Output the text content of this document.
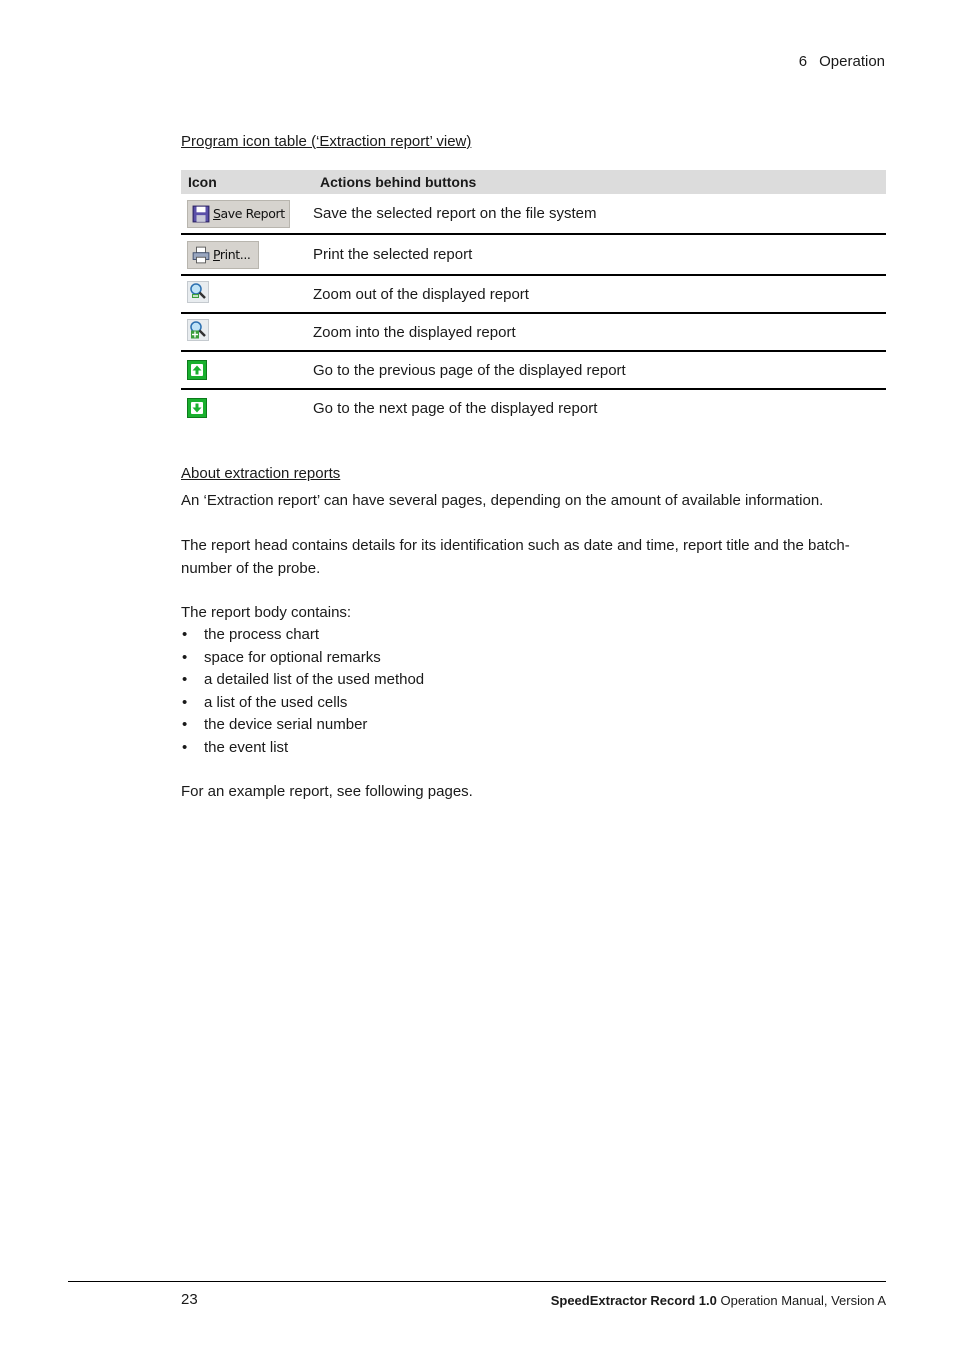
6 Operation
Program icon table (‘Extraction report’ view)
Icon	Actions behind buttons

Save Report	Save the selected report on the file system

Print...	Print the selected report
	Zoom out of the displayed report
	Zoom into the displayed report

	Go to the previous page of the displayed report

	Go to the next page of the displayed report
About extraction reports
An ‘Extraction report’ can have several pages, depending on the amount of available information.
The report head contains details for its identification such as date and time, report title and the batch-number of the probe.
The report body contains:
• the process chart
• space for optional remarks
• a detailed list of the used method
• a list of the used cells
• the device serial number
• the event list
For an example report, see following pages.
23	SpeedExtractor Record 1.0 Operation Manual, Version A
